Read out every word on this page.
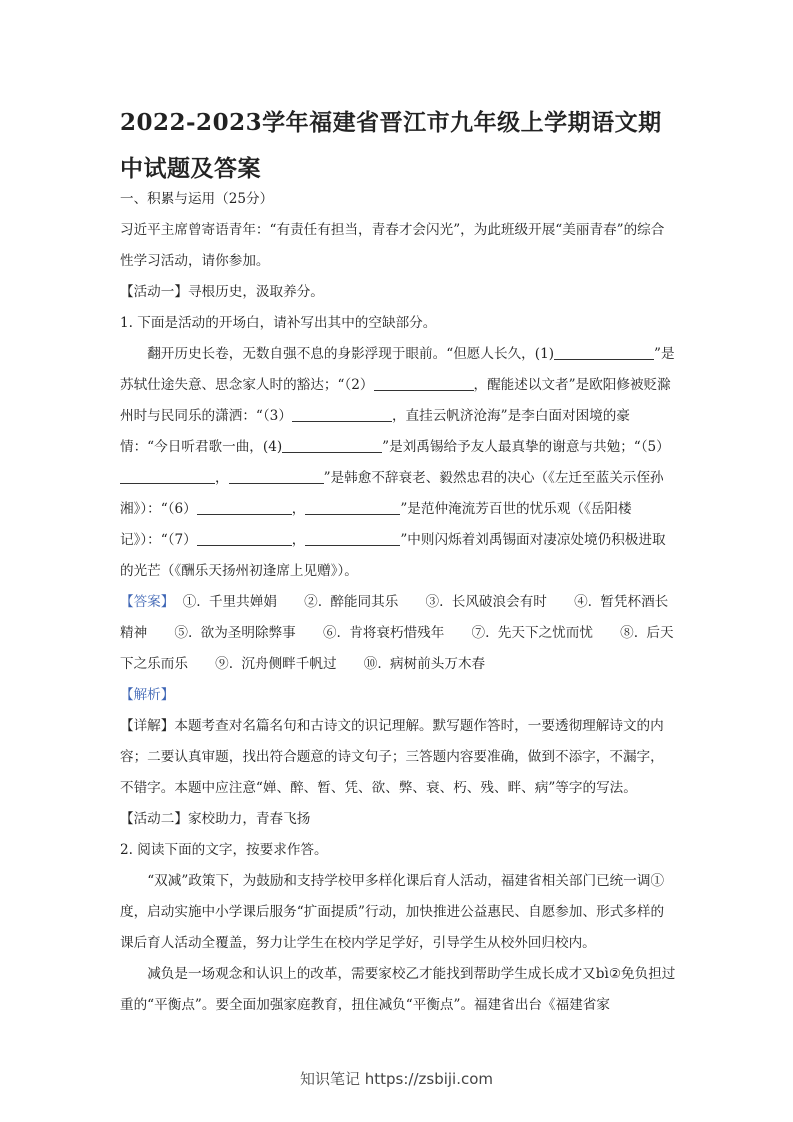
2022-2023学年福建省晋江市九年级上学期语文期中试题及答案

一、积累与运用（25分）

习近平主席曾寄语青年：“有责任有担当，青春才会闪光”，为此班级开展“美丽青春”的综合性学习活动，请你参加。

【活动一】寻根历史，汲取养分。

1. 下面是活动的开场白，请补写出其中的空缺部分。

翻开历史长卷，无数自强不息的身影浮现于眼前。“但愿人长久，(1)	”是苏轼仕途失意、思念家人时的豁达；“（2）	，醒能述以文者”是欧阳修被贬滁州时与民同乐的潇洒：“（3）	，直挂云帆济沧海”是李白面对困境的豪情：“今日听君歌一曲，(4)	”是刘禹锡给予友人最真挚的谢意与共勉；“（5），	”是韩愈不辞衰老、毅然忠君的决心（《左迁至蓝关示侄孙湘》）：“（6）	，	”是范仲淹流芳百世的忧乐观（《岳阳楼记》）：“（7）	，	”中则闪烁着刘禹锡面对凄凉处境仍积极进取的光芒（《酬乐天扬州初逢席上见赠》）。

【答案】 ①. 千里共婵娟　　②. 醉能同其乐　　③. 长风破浪会有时　　④. 暂凭杯酒长精神　　⑤. 欲为圣明除弊事　　⑥. 肯将衰朽惜残年　　⑦. 先天下之忧而忧　　⑧. 后天下之乐而乐　　⑨. 沉舟侧畔千帆过　　⑩. 病树前头万木春

【解析】

【详解】本题考查对名篇名句和古诗文的识记理解。默写题作答时，一要透彻理解诗文的内容；二要认真审题，找出符合题意的诗文句子；三答题内容要准确，做到不添字，不漏字，不错字。本题中应注意“婵、醉、暂、凭、欲、弊、衰、朽、残、畔、病”等字的写法。

【活动二】家校助力，青春飞扬

2. 阅读下面的文字，按要求作答。

“双减”政策下，为鼓励和支持学校甲多样化课后育人活动，福建省相关部门已统一调①度，启动实施中小学课后服务“扩面提质”行动，加快推进公益惠民、自愿参加、形式多样的课后育人活动全覆盖，努力让学生在校内学足学好，引导学生从校外回归校内。

减负是一场观念和认识上的改革，需要家校乙才能找到帮助学生成长成才又bì②免负担过重的“平衡点”。要全面加强家庭教育，扭住减负“平衡点”。福建省出台《福建省家

知识笔记 https://zsbiji.com
